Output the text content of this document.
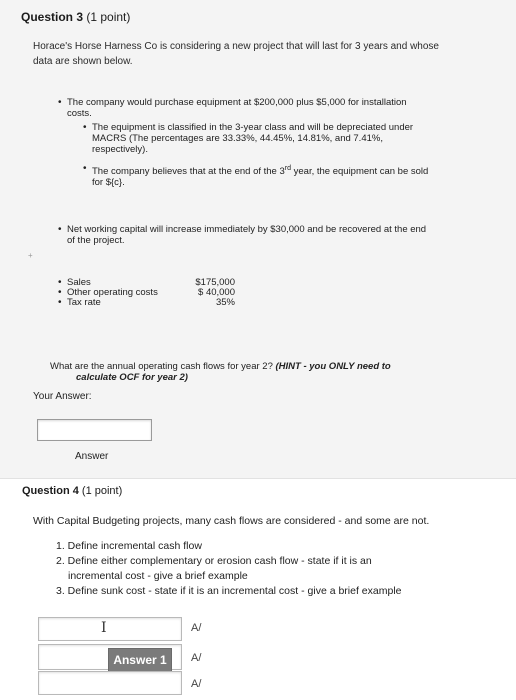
Question 3 (1 point)
Horace's Horse Harness Co is considering a new project that will last for 3 years and whose
data are shown below.
• The company would purchase equipment at $200,000 plus $5,000 for installation
costs.
• The equipment is classified in the 3-year class and will be depreciated under
MACRS (The percentages are 33.33%, 44.45%, 14.81%, and 7.41%,
respectively).
• The company believes that at the end of the 3rd year, the equipment can be sold
for ${c}.
• Net working capital will increase immediately by $30,000 and be recovered at the end
of the project.
+
• Sales	$175,000
• Other operating costs	$ 40,000
• Tax rate	35%
What are the annual operating cash flows for year 2? (HINT - you ONLY need to
calculate OCF for year 2)
Your Answer:
Answer
Question 4 (1 point)
With Capital Budgeting projects, many cash flows are considered - and some are not.
1. Define incremental cash flow
2. Define either complementary or erosion cash flow - state if it is an
incremental cost - give a brief example
3. Define sunk cost - state if it is an incremental cost - give a brief example
I	A/
Answer 1	A/
A/
